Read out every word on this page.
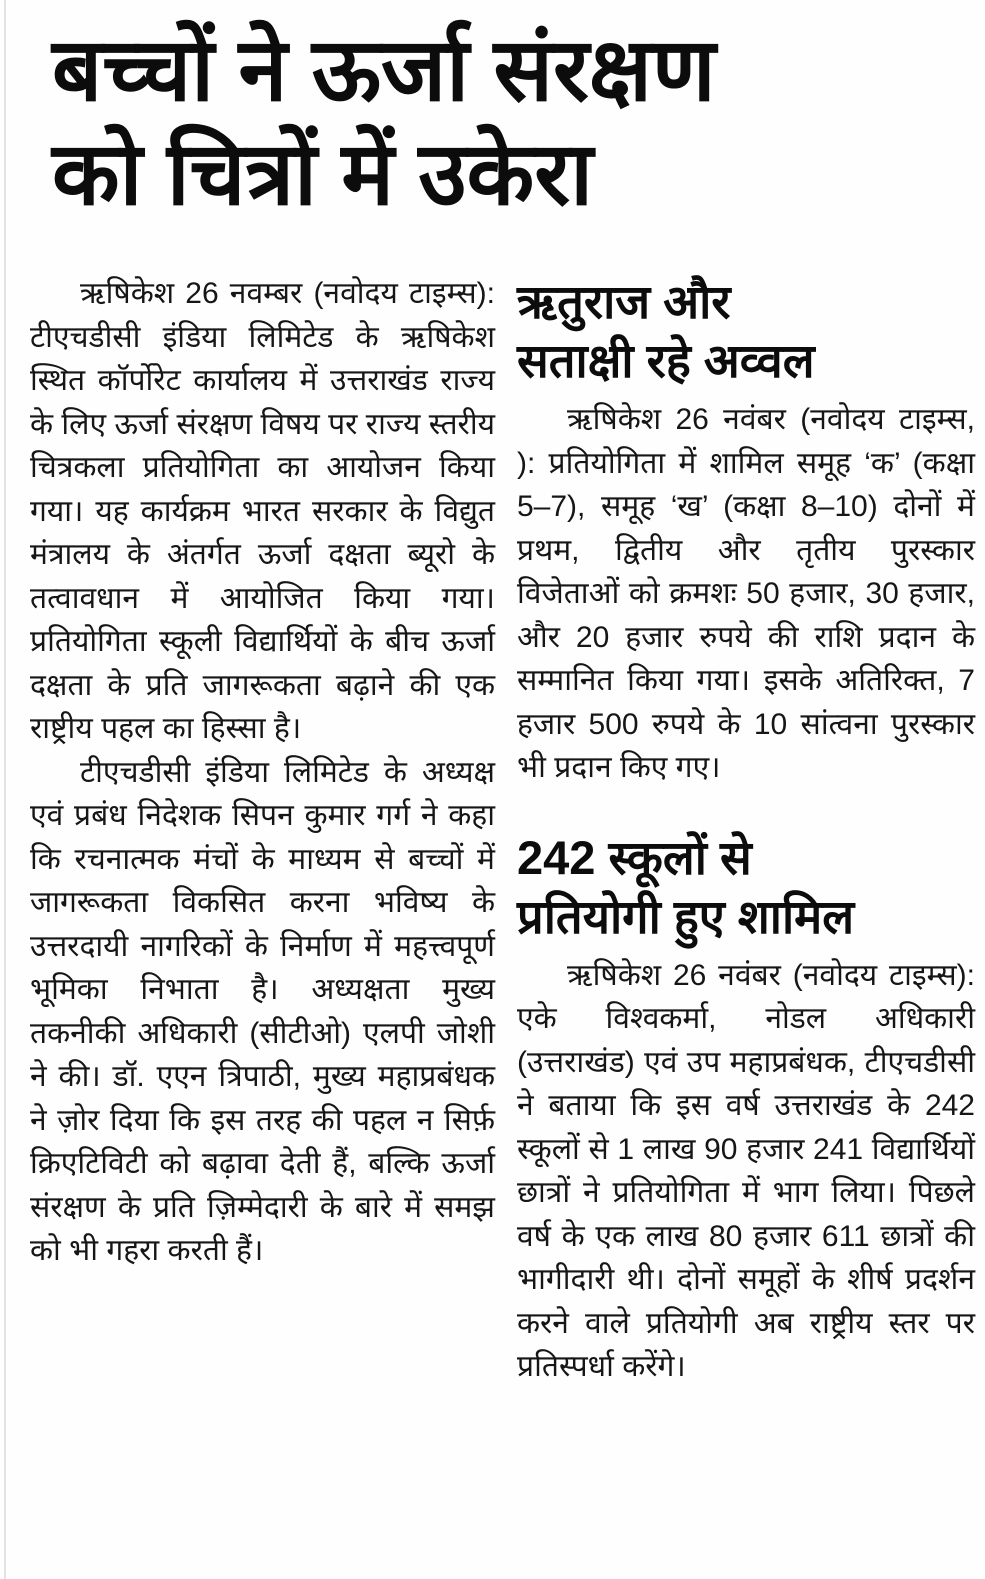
बच्चों ने ऊर्जा संरक्षण
को चित्रों में उकेरा

ऋषिकेश 26 नवम्बर (नवोदय टाइम्स): टीएचडीसी इंडिया लिमिटेड के ऋषिकेश स्थित कॉर्पोरेट कार्यालय में उत्तराखंड राज्य के लिए ऊर्जा संरक्षण विषय पर राज्य स्तरीय चित्रकला प्रतियोगिता का आयोजन किया गया। यह कार्यक्रम भारत सरकार के विद्युत मंत्रालय के अंतर्गत ऊर्जा दक्षता ब्यूरो के तत्वावधान में आयोजित किया गया। प्रतियोगिता स्कूली विद्यार्थियों के बीच ऊर्जा दक्षता के प्रति जागरूकता बढ़ाने की एक राष्ट्रीय पहल का हिस्सा है।

टीएचडीसी इंडिया लिमिटेड के अध्यक्ष एवं प्रबंध निदेशक सिपन कुमार गर्ग ने कहा कि रचनात्मक मंचों के माध्यम से बच्चों में जागरूकता विकसित करना भविष्य के उत्तरदायी नागरिकों के निर्माण में महत्त्वपूर्ण भूमिका निभाता है। अध्यक्षता मुख्य तकनीकी अधिकारी (सीटीओ) एलपी जोशी ने की। डॉ. एएन त्रिपाठी, मुख्य महाप्रबंधक ने ज़ोर दिया कि इस तरह की पहल न सिर्फ़ क्रिएटिविटी को बढ़ावा देती हैं, बल्कि ऊर्जा संरक्षण के प्रति ज़िम्मेदारी के बारे में समझ को भी गहरा करती हैं।

ऋतुराज और
सताक्षी रहे अव्वल

ऋषिकेश 26 नवंबर (नवोदय टाइम्स, ): प्रतियोगिता में शामिल समूह ‘क’ (कक्षा 5–7), समूह ‘ख’ (कक्षा 8–10) दोनों में प्रथम, द्वितीय और तृतीय पुरस्कार विजेताओं को क्रमशः 50 हजार, 30 हजार, और 20 हजार रुपये की राशि प्रदान के सम्मानित किया गया। इसके अतिरिक्त, 7 हजार 500 रुपये के 10 सांत्वना पुरस्कार भी प्रदान किए गए।

242 स्कूलों से
प्रतियोगी हुए शामिल

ऋषिकेश 26 नवंबर (नवोदय टाइम्स): एके विश्वकर्मा, नोडल अधिकारी (उत्तराखंड) एवं उप महाप्रबंधक, टीएचडीसी ने बताया कि इस वर्ष उत्तराखंड के 242 स्कूलों से 1 लाख 90 हजार 241 विद्यार्थियों छात्रों ने प्रतियोगिता में भाग लिया। पिछले वर्ष के एक लाख 80 हजार 611 छात्रों की भागीदारी थी। दोनों समूहों के शीर्ष प्रदर्शन करने वाले प्रतियोगी अब राष्ट्रीय स्तर पर प्रतिस्पर्धा करेंगे।
